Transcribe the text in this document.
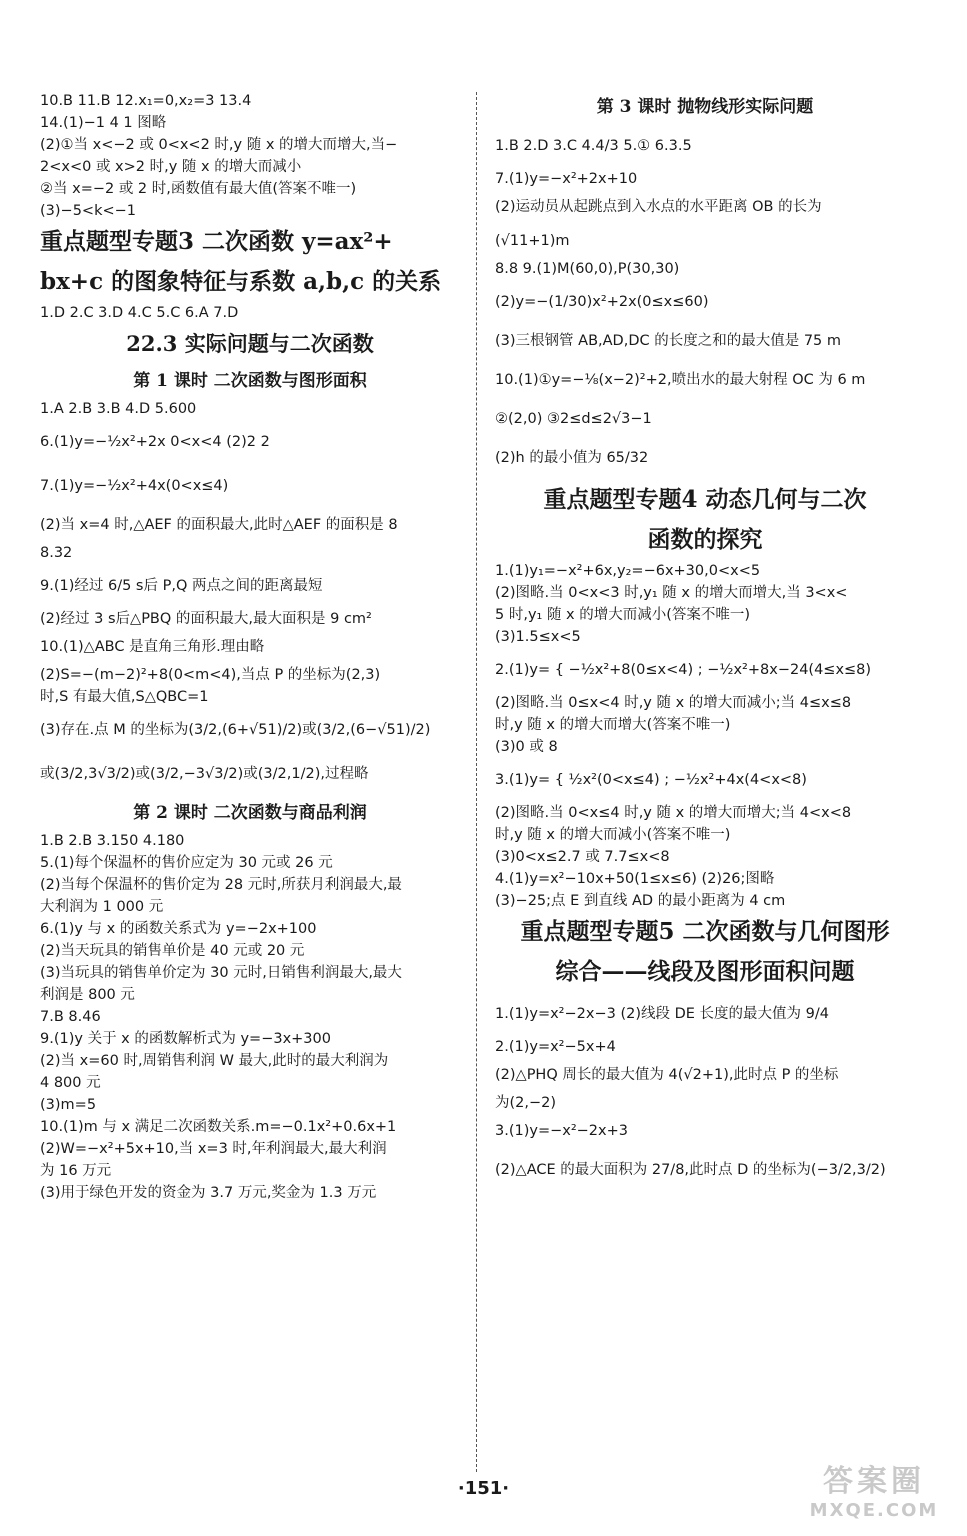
10.B 11.B 12.x₁=0,x₂=3 13.4
14.(1)−1 4 1 图略
(2)①当 x<−2 或 0<x<2 时,y 随 x 的增大而增大,当−
2<x<0 或 x>2 时,y 随 x 的增大而减小
②当 x=−2 或 2 时,函数值有最大值(答案不唯一)
(3)−5<k<−1
重点题型专题3 二次函数 y=ax²+
bx+c 的图象特征与系数 a,b,c 的关系
1.D 2.C 3.D 4.C 5.C 6.A 7.D
22.3 实际问题与二次函数
第 1 课时 二次函数与图形面积
1.A 2.B 3.B 4.D 5.600
6.(1)y=−½x²+2x 0<x<4 (2)2 2
7.(1)y=−½x²+4x(0<x≤4)
(2)当 x=4 时,△AEF 的面积最大,此时△AEF 的面积是 8
8.32
9.(1)经过 6/5 s后 P,Q 两点之间的距离最短
(2)经过 3 s后△PBQ 的面积最大,最大面积是 9 cm²
10.(1)△ABC 是直角三角形.理由略
(2)S=−(m−2)²+8(0<m<4),当点 P 的坐标为(2,3)
时,S 有最大值,S△QBC=1
(3)存在.点 M 的坐标为(3/2,(6+√51)/2)或(3/2,(6−√51)/2)
或(3/2,3√3/2)或(3/2,−3√3/2)或(3/2,1/2),过程略
第 2 课时 二次函数与商品利润
1.B 2.B 3.150 4.180
5.(1)每个保温杯的售价应定为 30 元或 26 元
(2)当每个保温杯的售价定为 28 元时,所获月利润最大,最
大利润为 1 000 元
6.(1)y 与 x 的函数关系式为 y=−2x+100
(2)当天玩具的销售单价是 40 元或 20 元
(3)当玩具的销售单价定为 30 元时,日销售利润最大,最大
利润是 800 元
7.B 8.46
9.(1)y 关于 x 的函数解析式为 y=−3x+300
(2)当 x=60 时,周销售利润 W 最大,此时的最大利润为
4 800 元
(3)m=5
10.(1)m 与 x 满足二次函数关系.m=−0.1x²+0.6x+1
(2)W=−x²+5x+10,当 x=3 时,年利润最大,最大利润
为 16 万元
(3)用于绿色开发的资金为 3.7 万元,奖金为 1.3 万元
第 3 课时 抛物线形实际问题
1.B 2.D 3.C 4.4/3 5.① 6.3.5
7.(1)y=−x²+2x+10
(2)运动员从起跳点到入水点的水平距离 OB 的长为
(√11+1)m
8.8 9.(1)M(60,0),P(30,30)
(2)y=−(1/30)x²+2x(0≤x≤60)
(3)三根钢管 AB,AD,DC 的长度之和的最大值是 75 m
10.(1)①y=−⅛(x−2)²+2,喷出水的最大射程 OC 为 6 m
②(2,0) ③2≤d≤2√3−1
(2)h 的最小值为 65/32
重点题型专题4 动态几何与二次
函数的探究
1.(1)y₁=−x²+6x,y₂=−6x+30,0<x<5
(2)图略.当 0<x<3 时,y₁ 随 x 的增大而增大,当 3<x<
5 时,y₁ 随 x 的增大而减小(答案不唯一)
(3)1.5≤x<5
2.(1)y= { −½x²+8(0≤x<4) ; −½x²+8x−24(4≤x≤8)
(2)图略.当 0≤x<4 时,y 随 x 的增大而减小;当 4≤x≤8
时,y 随 x 的增大而增大(答案不唯一)
(3)0 或 8
3.(1)y= { ½x²(0<x≤4) ; −½x²+4x(4<x<8)
(2)图略.当 0<x≤4 时,y 随 x 的增大而增大;当 4<x<8
时,y 随 x 的增大而减小(答案不唯一)
(3)0<x≤2.7 或 7.7≤x<8
4.(1)y=x²−10x+50(1≤x≤6) (2)26;图略
(3)−25;点 E 到直线 AD 的最小距离为 4 cm
重点题型专题5 二次函数与几何图形
综合——线段及图形面积问题
1.(1)y=x²−2x−3 (2)线段 DE 长度的最大值为 9/4
2.(1)y=x²−5x+4
(2)△PHQ 周长的最大值为 4(√2+1),此时点 P 的坐标
为(2,−2)
3.(1)y=−x²−2x+3
(2)△ACE 的最大面积为 27/8,此时点 D 的坐标为(−3/2,3/2)
·151·	答案圈
MXQE.COM
